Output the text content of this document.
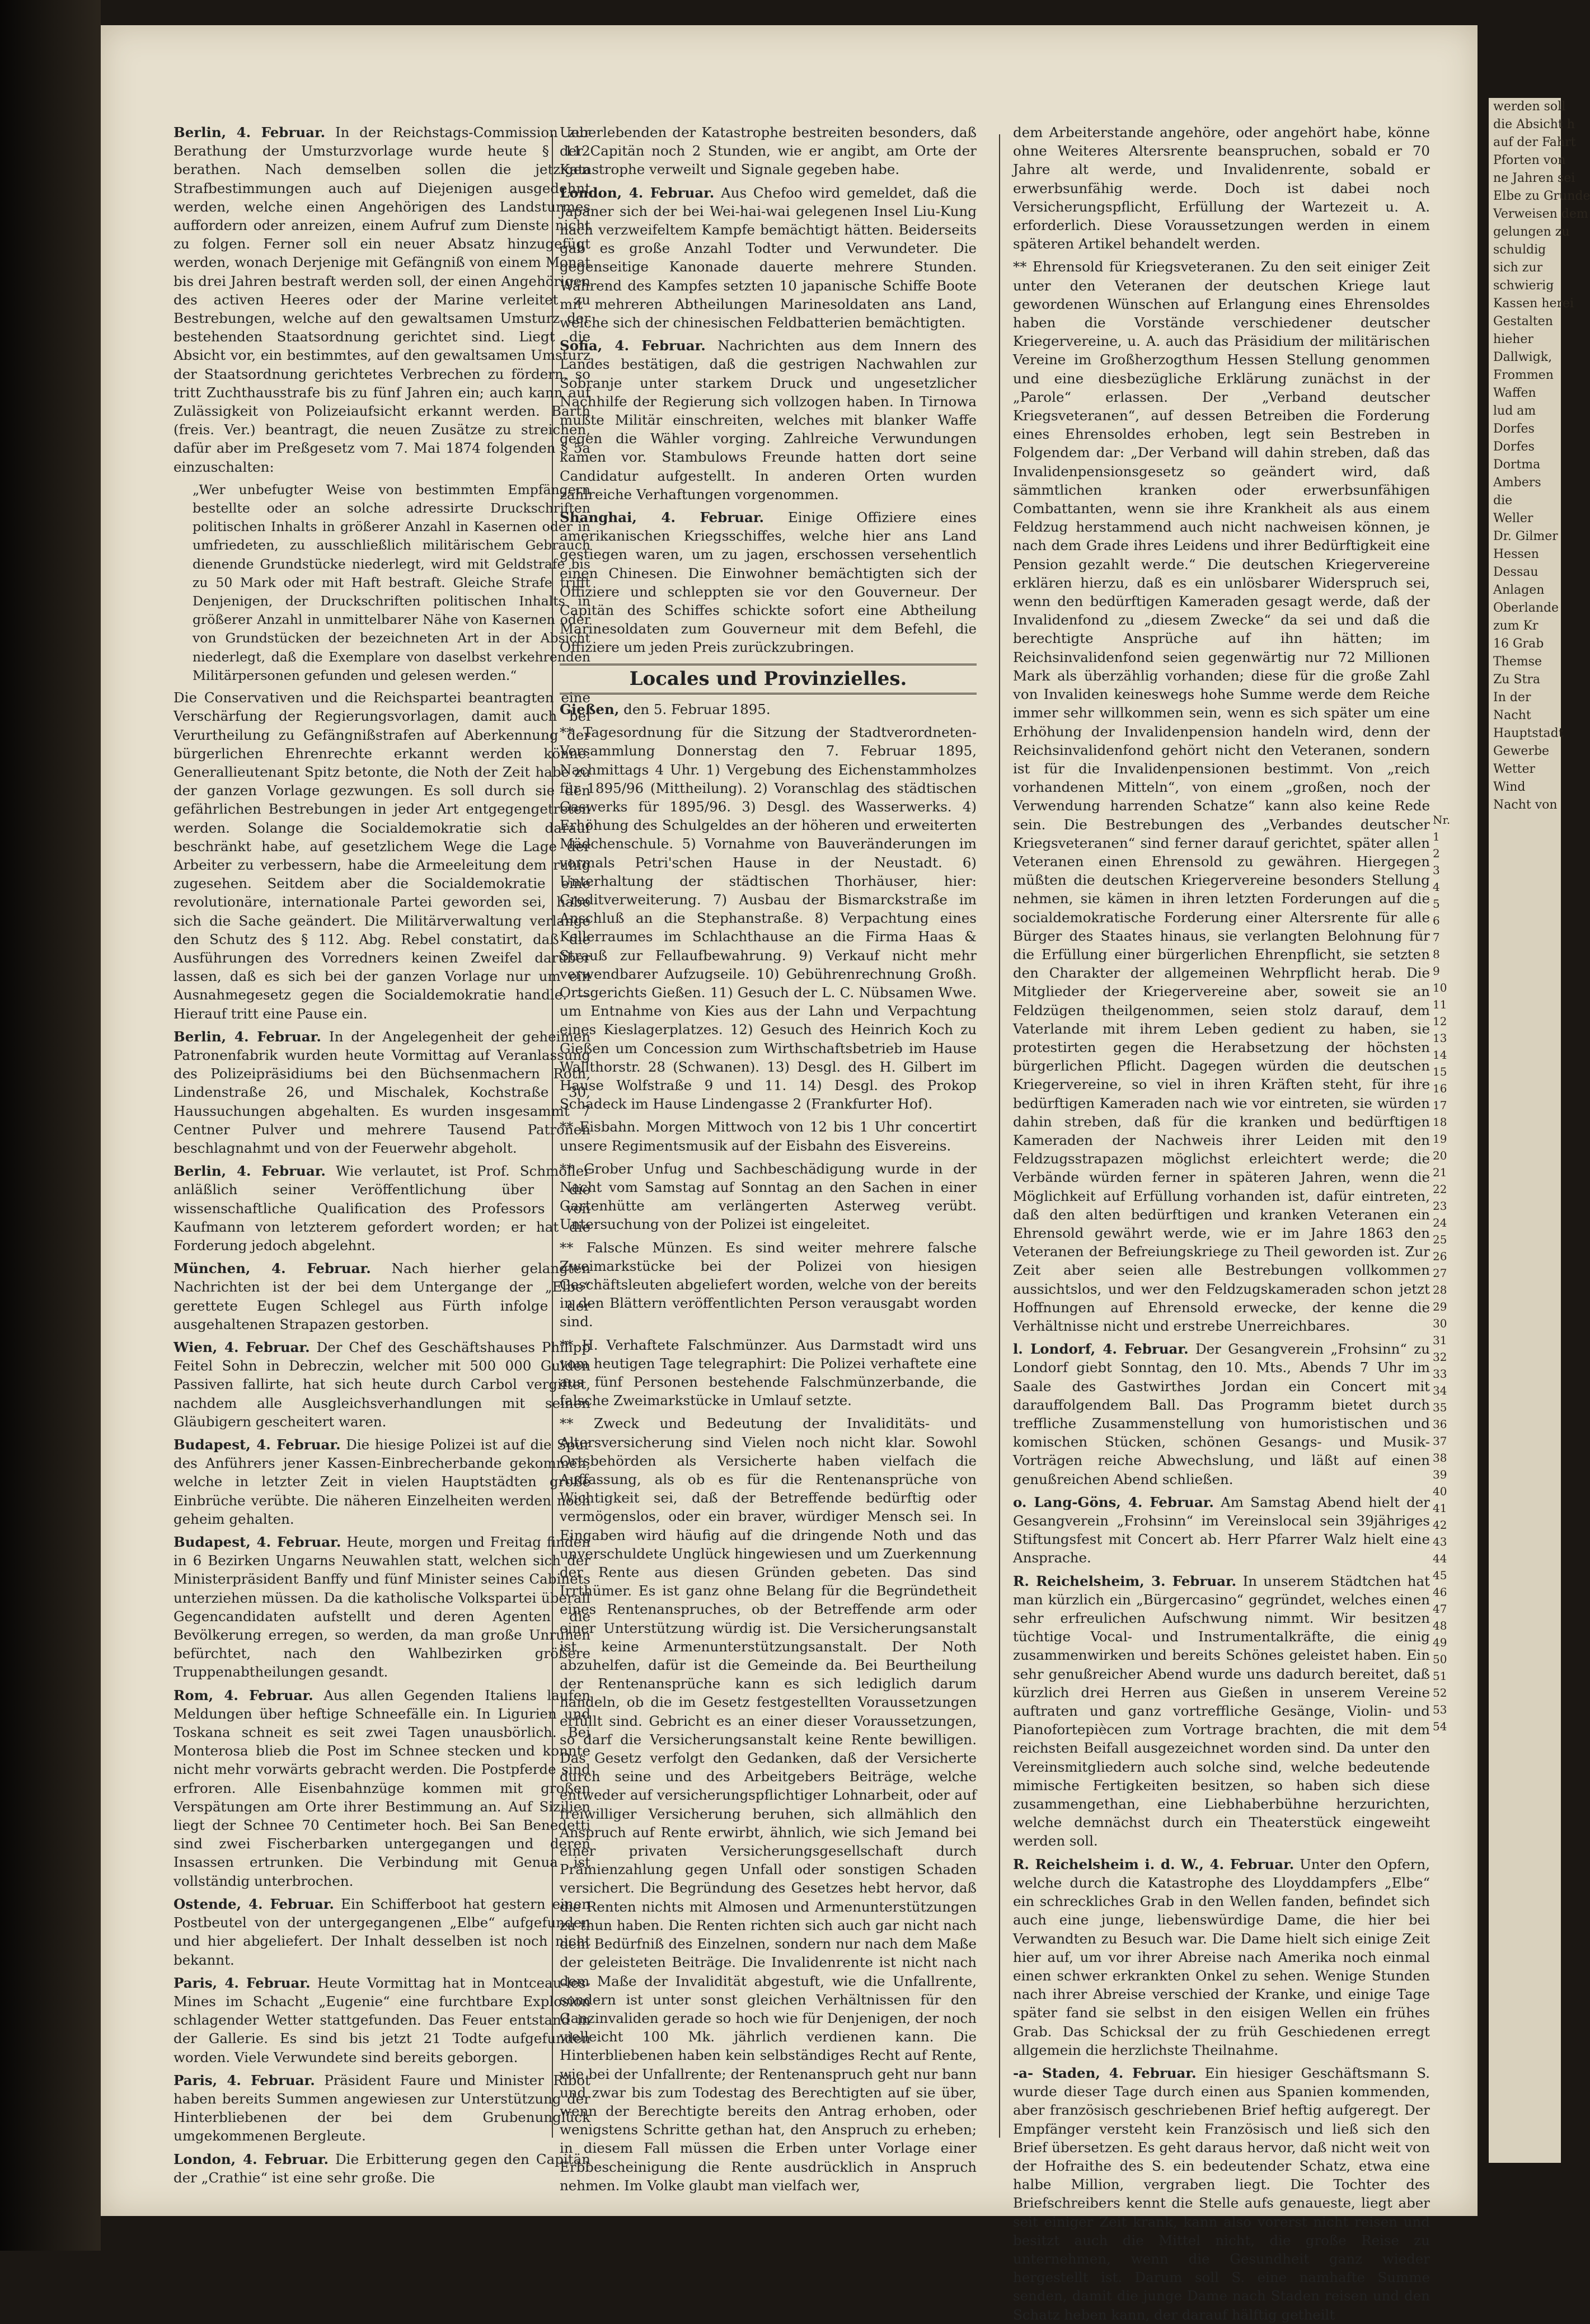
Berlin, 4. Februar. In der Reichstags-Commission zur Berathung der Umsturzvorlage wurde heute § 112 berathen. Nach demselben sollen die jetzigen Strafbestimmungen auch auf Diejenigen ausgedehnt werden, welche einen Angehörigen des Landsturmes auffordern oder anreizen, einem Aufruf zum Dienste nicht zu folgen. Ferner soll ein neuer Absatz hinzugefügt werden, wonach Derjenige mit Gefängniß von einem Monat bis drei Jahren bestraft werden soll, der einen Angehörigen des activen Heeres oder der Marine verleitet zu Bestrebungen, welche auf den gewaltsamen Umsturz der bestehenden Staatsordnung gerichtet sind. Liegt die Absicht vor, ein bestimmtes, auf den gewaltsamen Umsturz der Staatsordnung gerichtetes Verbrechen zu fördern, so tritt Zuchthausstrafe bis zu fünf Jahren ein; auch kann auf Zulässigkeit von Polizeiaufsicht erkannt werden. Barth (freis. Ver.) beantragt, die neuen Zusätze zu streichen, dafür aber im Preßgesetz vom 7. Mai 1874 folgenden § 5a einzuschalten:

„Wer unbefugter Weise von bestimmten Empfängern bestellte oder an solche adressirte Druckschriften politischen Inhalts in größerer Anzahl in Kasernen oder in umfriedeten, zu ausschließlich militärischem Gebrauch dienende Grundstücke niederlegt, wird mit Geldstrafe bis zu 50 Mark oder mit Haft bestraft. Gleiche Strafe trifft Denjenigen, der Druckschriften politischen Inhalts in größerer Anzahl in unmittelbarer Nähe von Kasernen oder von Grundstücken der bezeichneten Art in der Absicht niederlegt, daß die Exemplare von daselbst verkehrenden Militärpersonen gefunden und gelesen werden.“

Die Conservativen und die Reichspartei beantragten eine Verschärfung der Regierungsvorlagen, damit auch bei Verurtheilung zu Gefängnißstrafen auf Aberkennung der bürgerlichen Ehrenrechte erkannt werden könne. Generallieutenant Spitz betonte, die Noth der Zeit habe zu der ganzen Vorlage gezwungen. Es soll durch sie den gefährlichen Bestrebungen in jeder Art entgegengetreten werden. Solange die Socialdemokratie sich darauf beschränkt habe, auf gesetzlichem Wege die Lage der Arbeiter zu verbessern, habe die Armeeleitung dem ruhig zugesehen. Seitdem aber die Socialdemokratie eine revolutionäre, internationale Partei geworden sei, habe sich die Sache geändert. Die Militärverwaltung verlange den Schutz des § 112. Abg. Rebel constatirt, daß die Ausführungen des Vorredners keinen Zweifel darüber lassen, daß es sich bei der ganzen Vorlage nur um ein Ausnahmegesetz gegen die Socialdemokratie handle. — Hierauf tritt eine Pause ein.

Berlin, 4. Februar. In der Angelegenheit der geheimen Patronenfabrik wurden heute Vormittag auf Veranlassung des Polizeipräsidiums bei den Büchsenmachern Roth, Lindenstraße 26, und Mischalek, Kochstraße 30, Haussuchungen abgehalten. Es wurden insgesammt 7 Centner Pulver und mehrere Tausend Patronen beschlagnahmt und von der Feuerwehr abgeholt.

Berlin, 4. Februar. Wie verlautet, ist Prof. Schmoller anläßlich seiner Veröffentlichung über die wissenschaftliche Qualification des Professors von Kaufmann von letzterem gefordert worden; er hat die Forderung jedoch abgelehnt.

München, 4. Februar. Nach hierher gelangten Nachrichten ist der bei dem Untergange der „Elbe“ gerettete Eugen Schlegel aus Fürth infolge der ausgehaltenen Strapazen gestorben.

Wien, 4. Februar. Der Chef des Geschäftshauses Philipp Feitel Sohn in Debreczin, welcher mit 500 000 Gulden Passiven fallirte, hat sich heute durch Carbol vergiftet, nachdem alle Ausgleichsverhandlungen mit seinen Gläubigern gescheitert waren.

Budapest, 4. Februar. Die hiesige Polizei ist auf die Spur des Anführers jener Kassen-Einbrecherbande gekommen, welche in letzter Zeit in vielen Hauptstädten große Einbrüche verübte. Die näheren Einzelheiten werden noch geheim gehalten.

Budapest, 4. Februar. Heute, morgen und Freitag finden in 6 Bezirken Ungarns Neuwahlen statt, welchen sich der Ministerpräsident Banffy und fünf Minister seines Cabinets unterziehen müssen. Da die katholische Volkspartei überall Gegencandidaten aufstellt und deren Agenten die Bevölkerung erregen, so werden, da man große Unruhen befürchtet, nach den Wahlbezirken größere Truppenabtheilungen gesandt.

Rom, 4. Februar. Aus allen Gegenden Italiens laufen Meldungen über heftige Schneefälle ein. In Ligurien und Toskana schneit es seit zwei Tagen unausbörlich. Bei Monterosa blieb die Post im Schnee stecken und konnte nicht mehr vorwärts gebracht werden. Die Postpferde sind erfroren. Alle Eisenbahnzüge kommen mit großen Verspätungen am Orte ihrer Bestimmung an. Auf Sizilien liegt der Schnee 70 Centimeter hoch. Bei San Benedetti sind zwei Fischerbarken untergegangen und deren Insassen ertrunken. Die Verbindung mit Genua ist vollständig unterbrochen.

Ostende, 4. Februar. Ein Schifferboot hat gestern einen Postbeutel von der untergegangenen „Elbe“ aufgefunden und hier abgeliefert. Der Inhalt desselben ist noch nicht bekannt.

Paris, 4. Februar. Heute Vormittag hat in Montceau-les-Mines im Schacht „Eugenie“ eine furchtbare Explosion schlagender Wetter stattgefunden. Das Feuer entstand in der Gallerie. Es sind bis jetzt 21 Todte aufgefunden worden. Viele Verwundete sind bereits geborgen.

Paris, 4. Februar. Präsident Faure und Minister Ribot haben bereits Summen angewiesen zur Unterstützung der Hinterbliebenen der bei dem Grubenunglück umgekommenen Bergleute.

London, 4. Februar. Die Erbitterung gegen den Capitän der „Crathie“ ist eine sehr große. Die

Ueberlebenden der Katastrophe bestreiten besonders, daß der Capitän noch 2 Stunden, wie er angibt, am Orte der Katastrophe verweilt und Signale gegeben habe.

London, 4. Februar. Aus Chefoo wird gemeldet, daß die Japaner sich der bei Wei-hai-wai gelegenen Insel Liu-Kung nach verzweifeltem Kampfe bemächtigt hätten. Beiderseits gab es große Anzahl Todter und Verwundeter. Die gegenseitige Kanonade dauerte mehrere Stunden. Während des Kampfes setzten 10 japanische Schiffe Boote mit mehreren Abtheilungen Marinesoldaten ans Land, welche sich der chinesischen Feldbatterien bemächtigten.

Sofia, 4. Februar. Nachrichten aus dem Innern des Landes bestätigen, daß die gestrigen Nachwahlen zur Sobranje unter starkem Druck und ungesetzlicher Nachhilfe der Regierung sich vollzogen haben. In Tirnowa mußte Militär einschreiten, welches mit blanker Waffe gegen die Wähler vorging. Zahlreiche Verwundungen kamen vor. Stambulows Freunde hatten dort seine Candidatur aufgestellt. In anderen Orten wurden zahlreiche Verhaftungen vorgenommen.

Shanghai, 4. Februar. Einige Offiziere eines amerikanischen Kriegsschiffes, welche hier ans Land gestiegen waren, um zu jagen, erschossen versehentlich einen Chinesen. Die Einwohner bemächtigten sich der Offiziere und schleppten sie vor den Gouverneur. Der Capitän des Schiffes schickte sofort eine Abtheilung Marinesoldaten zum Gouverneur mit dem Befehl, die Offiziere um jeden Preis zurückzubringen.

Locales und Provinzielles.
Gießen, den 5. Februar 1895.

** Tagesordnung für die Sitzung der Stadtverordneten-Versammlung Donnerstag den 7. Februar 1895, Nachmittags 4 Uhr. 1) Vergebung des Eichenstammholzes für 1895/96 (Mittheilung). 2) Voranschlag des städtischen Gaswerks für 1895/96. 3) Desgl. des Wasserwerks. 4) Erhöhung des Schulgeldes an der höheren und erweiterten Mädchenschule. 5) Vornahme von Bauveränderungen im vormals Petri'schen Hause in der Neustadt. 6) Unterhaltung der städtischen Thorhäuser, hier: Creditverweiterung. 7) Ausbau der Bismarckstraße im Anschluß an die Stephanstraße. 8) Verpachtung eines Kellerraumes im Schlachthause an die Firma Haas & Strauß zur Fellaufbewahrung. 9) Verkauf nicht mehr verwendbarer Aufzugseile. 10) Gebührenrechnung Großh. Ortsgerichts Gießen. 11) Gesuch der L. C. Nübsamen Wwe. um Entnahme von Kies aus der Lahn und Verpachtung eines Kieslagerplatzes. 12) Gesuch des Heinrich Koch zu Gießen um Concession zum Wirthschaftsbetrieb im Hause Wallthorstr. 28 (Schwanen). 13) Desgl. des H. Gilbert im Hause Wolfstraße 9 und 11. 14) Desgl. des Prokop Schadeck im Hause Lindengasse 2 (Frankfurter Hof).

** Eisbahn. Morgen Mittwoch von 12 bis 1 Uhr concertirt unsere Regimentsmusik auf der Eisbahn des Eisvereins.

** Grober Unfug und Sachbeschädigung wurde in der Nacht vom Samstag auf Sonntag an den Sachen in einer Gartenhütte am verlängerten Asterweg verübt. Untersuchung von der Polizei ist eingeleitet.

** Falsche Münzen. Es sind weiter mehrere falsche Zweimarkstücke bei der Polizei von hiesigen Geschäftsleuten abgeliefert worden, welche von der bereits in den Blättern veröffentlichten Person verausgabt worden sind.

** H. Verhaftete Falschmünzer. Aus Darmstadt wird uns vom heutigen Tage telegraphirt: Die Polizei verhaftete eine aus fünf Personen bestehende Falschmünzerbande, die falsche Zweimarkstücke in Umlauf setzte.

** Zweck und Bedeutung der Invaliditäts- und Altersversicherung sind Vielen noch nicht klar. Sowohl Ortsbehörden als Versicherte haben vielfach die Auffassung, als ob es für die Rentenansprüche von Wichtigkeit sei, daß der Betreffende bedürftig oder vermögenslos, oder ein braver, würdiger Mensch sei. In Eingaben wird häufig auf die dringende Noth und das unverschuldete Unglück hingewiesen und um Zuerkennung der Rente aus diesen Gründen gebeten. Das sind Irrthümer. Es ist ganz ohne Belang für die Begründetheit eines Rentenanspruches, ob der Betreffende arm oder einer Unterstützung würdig ist. Die Versicherungsanstalt ist keine Armenunterstützungsanstalt. Der Noth abzuhelfen, dafür ist die Gemeinde da. Bei Beurtheilung der Rentenansprüche kann es sich lediglich darum handeln, ob die im Gesetz festgestellten Voraussetzungen erfüllt sind. Gebricht es an einer dieser Voraussetzungen, so darf die Versicherungsanstalt keine Rente bewilligen. Das Gesetz verfolgt den Gedanken, daß der Versicherte durch seine und des Arbeitgebers Beiträge, welche entweder auf versicherungspflichtiger Lohnarbeit, oder auf freiwilliger Versicherung beruhen, sich allmählich den Anspruch auf Rente erwirbt, ähnlich, wie sich Jemand bei einer privaten Versicherungsgesellschaft durch Prämienzahlung gegen Unfall oder sonstigen Schaden versichert. Die Begründung des Gesetzes hebt hervor, daß die Renten nichts mit Almosen und Armenunterstützungen zu thun haben. Die Renten richten sich auch gar nicht nach dem Bedürfniß des Einzelnen, sondern nur nach dem Maße der geleisteten Beiträge. Die Invalidenrente ist nicht nach dem Maße der Invalidität abgestuft, wie die Unfallrente, sondern ist unter sonst gleichen Verhältnissen für den Ganzinvaliden gerade so hoch wie für Denjenigen, der noch vielleicht 100 Mk. jährlich verdienen kann. Die Hinterbliebenen haben kein selbständiges Recht auf Rente, wie bei der Unfallrente; der Rentenanspruch geht nur bann und zwar bis zum Todestag des Berechtigten auf sie über, wenn der Berechtigte bereits den Antrag erhoben, oder wenigstens Schritte gethan hat, den Anspruch zu erheben; in diesem Fall müssen die Erben unter Vorlage einer Erbbescheinigung die Rente ausdrücklich in Anspruch nehmen. Im Volke glaubt man vielfach wer,

dem Arbeiterstande angehöre, oder angehört habe, könne ohne Weiteres Altersrente beanspruchen, sobald er 70 Jahre alt werde, und Invalidenrente, sobald er erwerbsunfähig werde. Doch ist dabei noch Versicherungspflicht, Erfüllung der Wartezeit u. A. erforderlich. Diese Voraussetzungen werden in einem späteren Artikel behandelt werden.

** Ehrensold für Kriegsveteranen. Zu den seit einiger Zeit unter den Veteranen der deutschen Kriege laut gewordenen Wünschen auf Erlangung eines Ehrensoldes haben die Vorstände verschiedener deutscher Kriegervereine, u. A. auch das Präsidium der militärischen Vereine im Großherzogthum Hessen Stellung genommen und eine diesbezügliche Erklärung zunächst in der „Parole“ erlassen. Der „Verband deutscher Kriegsveteranen“, auf dessen Betreiben die Forderung eines Ehrensoldes erhoben, legt sein Bestreben in Folgendem dar: „Der Verband will dahin streben, daß das Invalidenpensionsgesetz so geändert wird, daß sämmtlichen kranken oder erwerbsunfähigen Combattanten, wenn sie ihre Krankheit als aus einem Feldzug herstammend auch nicht nachweisen können, je nach dem Grade ihres Leidens und ihrer Bedürftigkeit eine Pension gezahlt werde.“ Die deutschen Kriegervereine erklären hierzu, daß es ein unlösbarer Widerspruch sei, wenn den bedürftigen Kameraden gesagt werde, daß der Invalidenfond zu „diesem Zwecke“ da sei und daß die berechtigte Ansprüche auf ihn hätten; im Reichsinvalidenfond seien gegenwärtig nur 72 Millionen Mark als überzählig vorhanden; diese für die große Zahl von Invaliden keineswegs hohe Summe werde dem Reiche immer sehr willkommen sein, wenn es sich später um eine Erhöhung der Invalidenpension handeln wird, denn der Reichsinvalidenfond gehört nicht den Veteranen, sondern ist für die Invalidenpensionen bestimmt. Von „reich vorhandenen Mitteln“, von einem „großen, noch der Verwendung harrenden Schatze“ kann also keine Rede sein. Die Bestrebungen des „Verbandes deutscher Kriegsveteranen“ sind ferner darauf gerichtet, später allen Veteranen einen Ehrensold zu gewähren. Hiergegen müßten die deutschen Kriegervereine besonders Stellung nehmen, sie kämen in ihren letzten Forderungen auf die socialdemokratische Forderung einer Altersrente für alle Bürger des Staates hinaus, sie verlangten Belohnung für die Erfüllung einer bürgerlichen Ehrenpflicht, sie setzten den Charakter der allgemeinen Wehrpflicht herab. Die Mitglieder der Kriegervereine aber, soweit sie an Feldzügen theilgenommen, seien stolz darauf, dem Vaterlande mit ihrem Leben gedient zu haben, sie protestirten gegen die Herabsetzung der höchsten bürgerlichen Pflicht. Dagegen würden die deutschen Kriegervereine, so viel in ihren Kräften steht, für ihre bedürftigen Kameraden nach wie vor eintreten, sie würden dahin streben, daß für die kranken und bedürftigen Kameraden der Nachweis ihrer Leiden mit den Feldzugsstrapazen möglichst erleichtert werde; die Verbände würden ferner in späteren Jahren, wenn die Möglichkeit auf Erfüllung vorhanden ist, dafür eintreten, daß den alten bedürftigen und kranken Veteranen ein Ehrensold gewährt werde, wie er im Jahre 1863 den Veteranen der Befreiungskriege zu Theil geworden ist. Zur Zeit aber seien alle Bestrebungen vollkommen aussichtslos, und wer den Feldzugskameraden schon jetzt Hoffnungen auf Ehrensold erwecke, der kenne die Verhältnisse nicht und erstrebe Unerreichbares.

l. Londorf, 4. Februar. Der Gesangverein „Frohsinn“ zu Londorf giebt Sonntag, den 10. Mts., Abends 7 Uhr im Saale des Gastwirthes Jordan ein Concert mit darauffolgendem Ball. Das Programm bietet durch treffliche Zusammenstellung von humoristischen und komischen Stücken, schönen Gesangs- und Musik-Vorträgen reiche Abwechslung, und läßt auf einen genußreichen Abend schließen.

o. Lang-Göns, 4. Februar. Am Samstag Abend hielt der Gesangverein „Frohsinn“ im Vereinslocal sein 39jähriges Stiftungsfest mit Concert ab. Herr Pfarrer Walz hielt eine Ansprache.

R. Reichelsheim, 3. Februar. In unserem Städtchen hat man kürzlich ein „Bürgercasino“ gegründet, welches einen sehr erfreulichen Aufschwung nimmt. Wir besitzen tüchtige Vocal- und Instrumentalkräfte, die einig zusammenwirken und bereits Schönes geleistet haben. Ein sehr genußreicher Abend wurde uns dadurch bereitet, daß kürzlich drei Herren aus Gießen in unserem Vereine auftraten und ganz vortreffliche Gesänge, Violin- und Pianofortepiècen zum Vortrage brachten, die mit dem reichsten Beifall ausgezeichnet worden sind. Da unter den Vereinsmitgliedern auch solche sind, welche bedeutende mimische Fertigkeiten besitzen, so haben sich diese zusammengethan, eine Liebhaberbühne herzurichten, welche demnächst durch ein Theaterstück eingeweiht werden soll.

R. Reichelsheim i. d. W., 4. Februar. Unter den Opfern, welche durch die Katastrophe des Lloyddampfers „Elbe“ ein schreckliches Grab in den Wellen fanden, befindet sich auch eine junge, liebenswürdige Dame, die hier bei Verwandten zu Besuch war. Die Dame hielt sich einige Zeit hier auf, um vor ihrer Abreise nach Amerika noch einmal einen schwer erkrankten Onkel zu sehen. Wenige Stunden nach ihrer Abreise verschied der Kranke, und einige Tage später fand sie selbst in den eisigen Wellen ein frühes Grab. Das Schicksal der zu früh Geschiedenen erregt allgemein die herzlichste Theilnahme.

-a- Staden, 4. Februar. Ein hiesiger Geschäftsmann S. wurde dieser Tage durch einen aus Spanien kommenden, aber französisch geschriebenen Brief heftig aufgeregt. Der Empfänger versteht kein Französisch und ließ sich den Brief übersetzen. Es geht daraus hervor, daß nicht weit von der Hofraithe des S. ein bedeutender Schatz, etwa eine halbe Million, vergraben liegt. Die Tochter des Briefschreibers kennt die Stelle aufs genaueste, liegt aber seit einiger Zeit krank, kann also vorerst nicht reisen und besitzt auch die Mittel nicht, die große Reise zu unternehmen, wenn die Gesundheit ganz wieder hergestellt ist. Darum soll S. eine namhafte Summe senden, damit die junge Dame nach Staden reisen und den Schatz heben kann, der darauf hälftig getheilt

werden soll
die Absicht h
auf der Fahrt
Pforten von
ne Jahren sei
Elbe zu Grunde
Verweisen dem
gelungen zu
schuldig
sich zur
schwierig
Kassen herei
Gestalten
hieher
Dallwigk,
Frommen
Waffen
lud am
Dorfes
Dorfes
Dortma
Ambers
die
Weller
Dr. Gilmer
Hessen
Dessau
Anlagen
Oberlande
zum Kr
16 Grab
Themse
Zu Stra
In der
Nacht
Hauptstadt
Gewerbe
Wetter
Wind
Nacht von
Nr.
1
2
3
4
5
6
7
8
9
10
11
12
13
14
15
16
17
18
19
20
21
22
23
24
25
26
27
28
29
30
31
32
33
34
35
36
37
38
39
40
41
42
43
44
45
46
47
48
49
50
51
52
53
54
